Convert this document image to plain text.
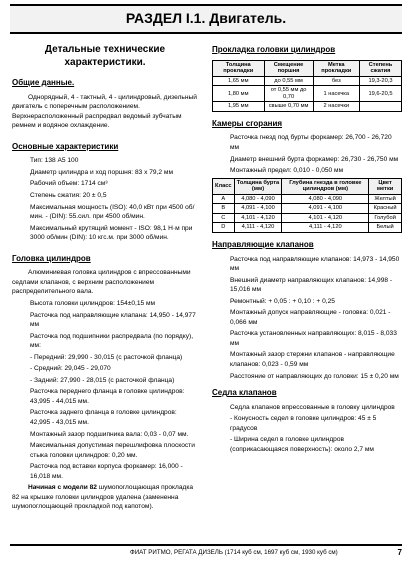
РАЗДЕЛ I.1. Двигатель.
Детальные технические характеристики.
Общие данные.
Однорядный, 4 - тактный, 4 - цилиндровый, дизельный двигатель с поперечным расположением. Верхнерасположенный распредвал ведомый зубчатым ремнем и водяное охлаждение.
Основные характеристики
Тип: 138 A5 100
Диаметр цилиндра и ход поршня: 83 х 79,2 мм
Рабочий объем: 1714 см³
Степень сжатия: 20 ± 0,5
Максимальная мощность (ISO): 40,0 кВт при 4500 об/мин. - (DIN): 55.сил. при 4500 об/мин.
Максимальный крутящий момент - ISO: 98,1 Н·м при 3000 об/мин (DIN): 10 кгс.м. при 3000 об/мин.
Головка цилиндров
Алюминиевая головка цилиндров с впрессованными седлами клапанов, с верхним расположением распределительного вала.
Высота головки цилиндров: 154±0,15 мм
Расточка под направляющие клапана: 14,950 - 14,977 мм
Расточка под подшипники распредвала (по порядку), мм:
- Передний: 29,990 - 30,015 (с расточкой фланца)
- Средний: 29,045 - 29,070
- Задний: 27,990 - 28,015 (с расточкой фланца)
Расточка переднего фланца в головке цилиндров: 43,995 - 44,015 мм.
Расточка заднего фланца в головке цилиндров: 42,995 - 43,015 мм.
Монтажный зазор подшипника вала: 0,03 - 0,07 мм.
Максимальная допустимая перешлифовка плоскости стыка головки цилиндров: 0,20 мм.
Расточка под вставки корпуса форкамер: 16,000 - 16,018 мм.
Начиная с модели 82 шумопоглощающая прокладка 82 на крышке головки цилиндров удалена (замененна шумопоглощающей прокладкой под капотом).
Прокладка головки цилиндров
Толщина прокладки	Смещение поршня	Метка прокладки	Степень сжатия
1,65 мм	до 0,55 мм	без	19,3-20,3
1,80 мм	от 0,55 мм до 0,70	1 насечка	19,6-20,5
1,95 мм	свыше 0,70 мм	2 насечки	
Камеры сгорания
Расточка гнезд под бурты форкамер: 26,700 - 26,720 мм
Диаметр внешний бурта форкамер: 26,730 - 26,750 мм
Монтажный предел: 0,010 - 0,050 мм
Класс	Толщина бурта (мм)	Глубина гнезда в головке цилиндров (мм)	Цвет метки
А	4,080 - 4,090	4,080 - 4,090	Желтый
В	4,091 - 4,100	4,091 - 4,100	Красный
С	4,101 - 4,120	4,101 - 4,120	Голубой
D	4,111 - 4,120	4,111 - 4,120	Белый
Направляющие клапанов
Расточка под направляющие клапанов: 14,973 - 14,950 мм
Внешний диаметр направляющих клапанов: 14,998 - 15,016 мм
Ремонтный: + 0,05 : + 0,10 : + 0,25
Монтажный допуск направляющие - головка: 0,021 - 0,066 мм
Расточка установленных направляющих: 8,015 - 8,033 мм
Монтажный зазор стержни клапанов - направляющие клапанов: 0,023 - 0,59 мм
Расстояние от направляющих до головки: 15 ± 0,20 мм
Седла клапанов
Седла клапанов впрессованные в головку цилиндров
- Конусность седел в головке цилиндров: 45 ± 5 градусов
- Ширина седел в головке цилиндров (соприкасающаяся поверхность): около 2,7 мм
ФИАТ РИТМО, РЕГАТА ДИЗЕЛЬ (1714 куб см, 1697 куб см, 1930 куб см)	7
